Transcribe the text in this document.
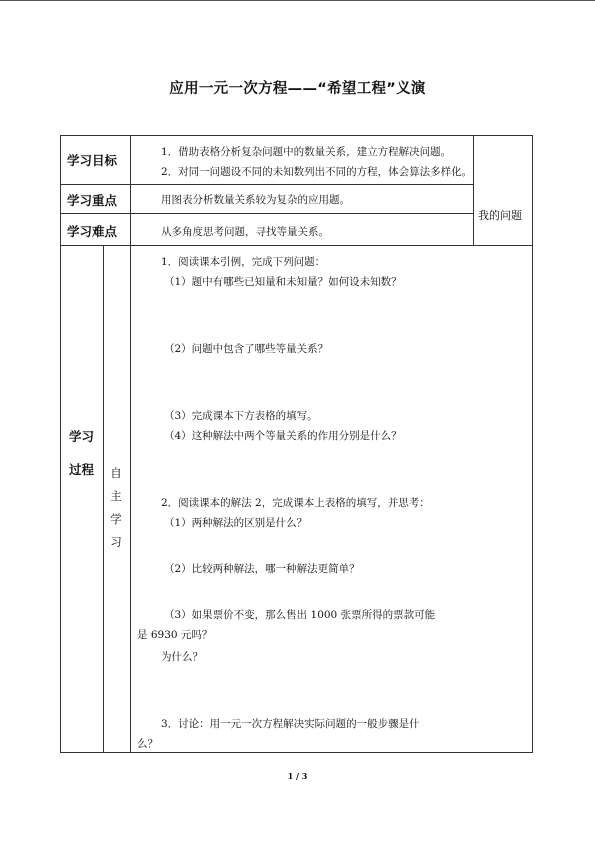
应用一元一次方程——“希望工程”义演
学习目标
1．借助表格分析复杂问题中的数量关系，建立方程解决问题。
2．对同一问题设不同的未知数列出不同的方程，体会算法多样化。
学习重点	用图表分析数量关系较为复杂的应用题。
学习难点	从多角度思考问题，寻找等量关系。
我的问题
学习
过程 自
主
学
习
1．阅读课本引例，完成下列问题：
（1）题中有哪些已知量和未知量？如何设未知数？
（2）问题中包含了哪些等量关系？
（3）完成课本下方表格的填写。
（4）这种解法中两个等量关系的作用分别是什么？
2．阅读课本的解法 2，完成课本上表格的填写，并思考：
（1）两种解法的区别是什么？
（2）比较两种解法，哪一种解法更简单？
（3）如果票价不变，那么售出 1000 张票所得的票款可能
是 6930 元吗？
为什么？
3．讨论：用一元一次方程解决实际问题的一般步骤是什
么？
1 / 3
